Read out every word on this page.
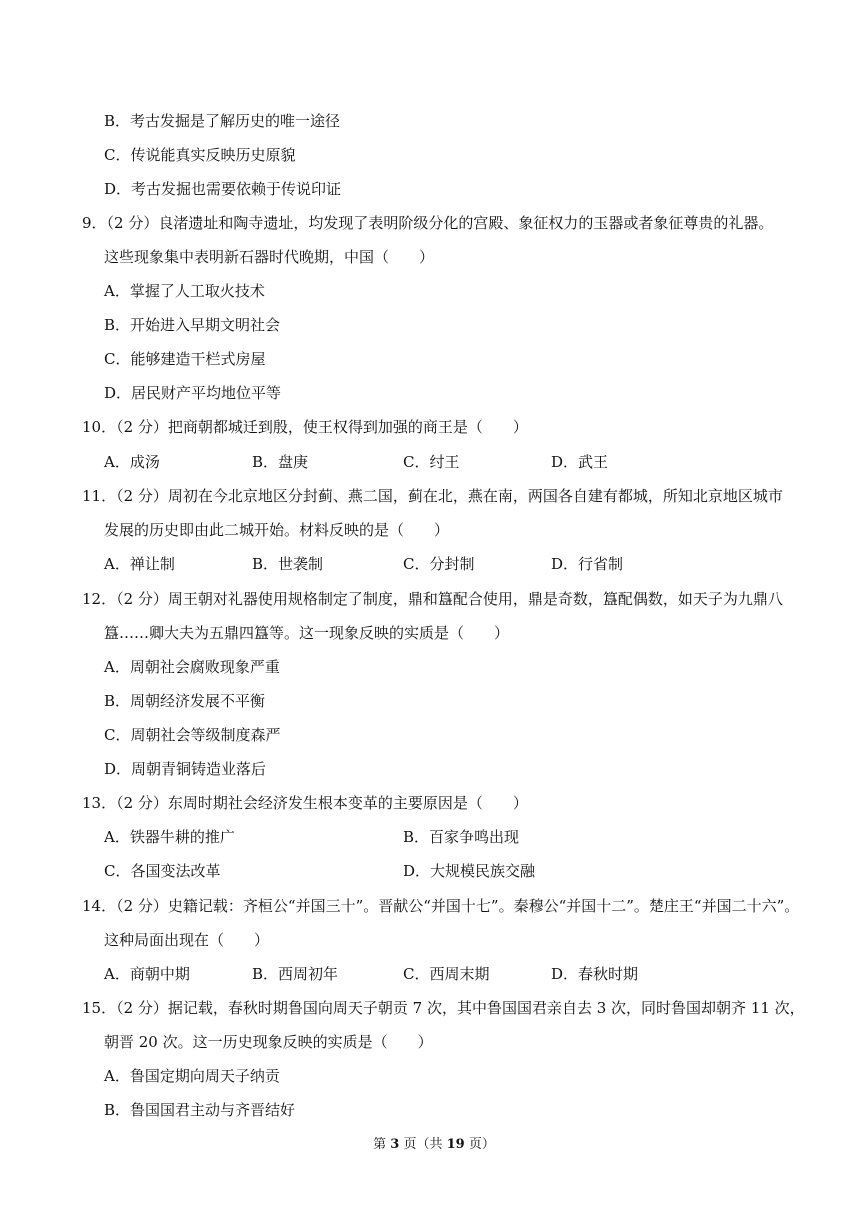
B．考古发掘是了解历史的唯一途径
C．传说能真实反映历史原貌
D．考古发掘也需要依赖于传说印证
9．（2 分）良渚遗址和陶寺遗址，均发现了表明阶级分化的宫殿、象征权力的玉器或者象征尊贵的礼器。
这些现象集中表明新石器时代晚期，中国（　　）
A．掌握了人工取火技术
B．开始进入早期文明社会
C．能够建造干栏式房屋
D．居民财产平均地位平等
10．（2 分）把商朝都城迁到殷，使王权得到加强的商王是（　　）
A．成汤	B．盘庚	C．纣王	D．武王
11．（2 分）周初在今北京地区分封蓟、燕二国，蓟在北，燕在南，两国各自建有都城，所知北京地区城市
发展的历史即由此二城开始。材料反映的是（　　）
A．禅让制	B．世袭制	C．分封制	D．行省制
12．（2 分）周王朝对礼器使用规格制定了制度，鼎和簋配合使用，鼎是奇数，簋配偶数，如天子为九鼎八
簋……卿大夫为五鼎四簋等。这一现象反映的实质是（　　）
A．周朝社会腐败现象严重
B．周朝经济发展不平衡
C．周朝社会等级制度森严
D．周朝青铜铸造业落后
13．（2 分）东周时期社会经济发生根本变革的主要原因是（　　）
A．铁器牛耕的推广	B．百家争鸣出现
C．各国变法改革	D．大规模民族交融
14．（2 分）史籍记载：齐桓公“并国三十”。晋献公“并国十七”。秦穆公“并国十二”。楚庄王“并国二十六”。
这种局面出现在（　　）
A．商朝中期	B．西周初年	C．西周末期	D．春秋时期
15．（2 分）据记载，春秋时期鲁国向周天子朝贡 7 次，其中鲁国国君亲自去 3 次，同时鲁国却朝齐 11 次，
朝晋 20 次。这一历史现象反映的实质是（　　）
A．鲁国定期向周天子纳贡
B．鲁国国君主动与齐晋结好
第 3 页（共 19 页）
